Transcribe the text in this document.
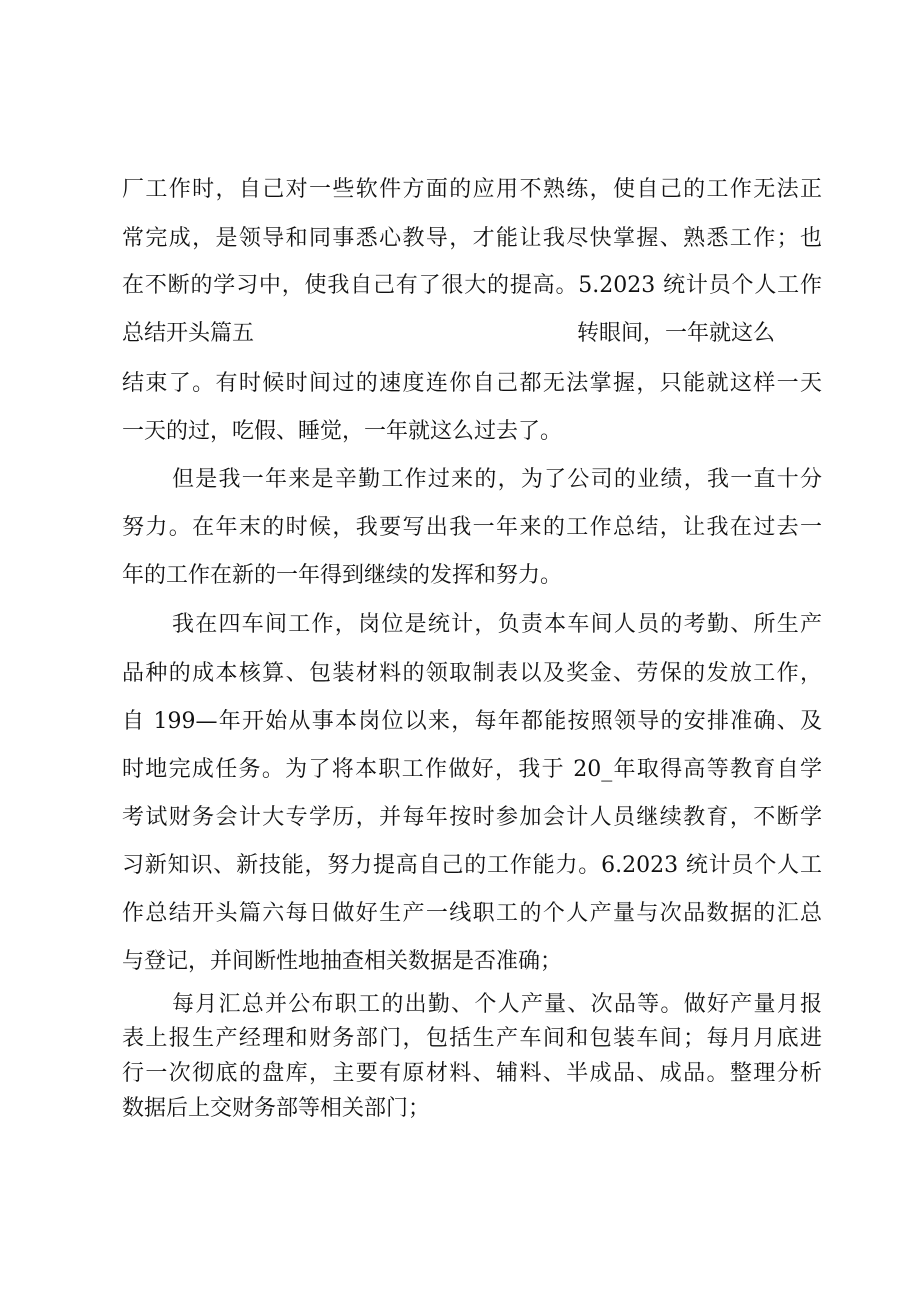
厂工作时，自己对一些软件方面的应用不熟练，使自己的工作无法正
常完成，是领导和同事悉心教导，才能让我尽快掌握、熟悉工作；也
在不断的学习中，使我自己有了很大的提高。5.2023 统计员个人工作
总结开头篇五	转眼间，一年就这么
结束了。有时候时间过的速度连你自己都无法掌握，只能就这样一天
一天的过，吃假、睡觉，一年就这么过去了。
但是我一年来是辛勤工作过来的，为了公司的业绩，我一直十分
努力。在年末的时候，我要写出我一年来的工作总结，让我在过去一
年的工作在新的一年得到继续的发挥和努力。
我在四车间工作，岗位是统计，负责本车间人员的考勤、所生产
品种的成本核算、包装材料的领取制表以及奖金、劳保的发放工作，
自 199—年开始从事本岗位以来，每年都能按照领导的安排准确、及
时地完成任务。为了将本职工作做好，我于 20_年取得高等教育自学
考试财务会计大专学历，并每年按时参加会计人员继续教育，不断学
习新知识、新技能，努力提高自己的工作能力。6.2023 统计员个人工
作总结开头篇六每日做好生产一线职工的个人产量与次品数据的汇总
与登记，并间断性地抽查相关数据是否准确；
每月汇总并公布职工的出勤、个人产量、次品等。做好产量月报
表上报生产经理和财务部门，包括生产车间和包装车间；每月月底进
行一次彻底的盘库，主要有原材料、辅料、半成品、成品。整理分析
数据后上交财务部等相关部门；
